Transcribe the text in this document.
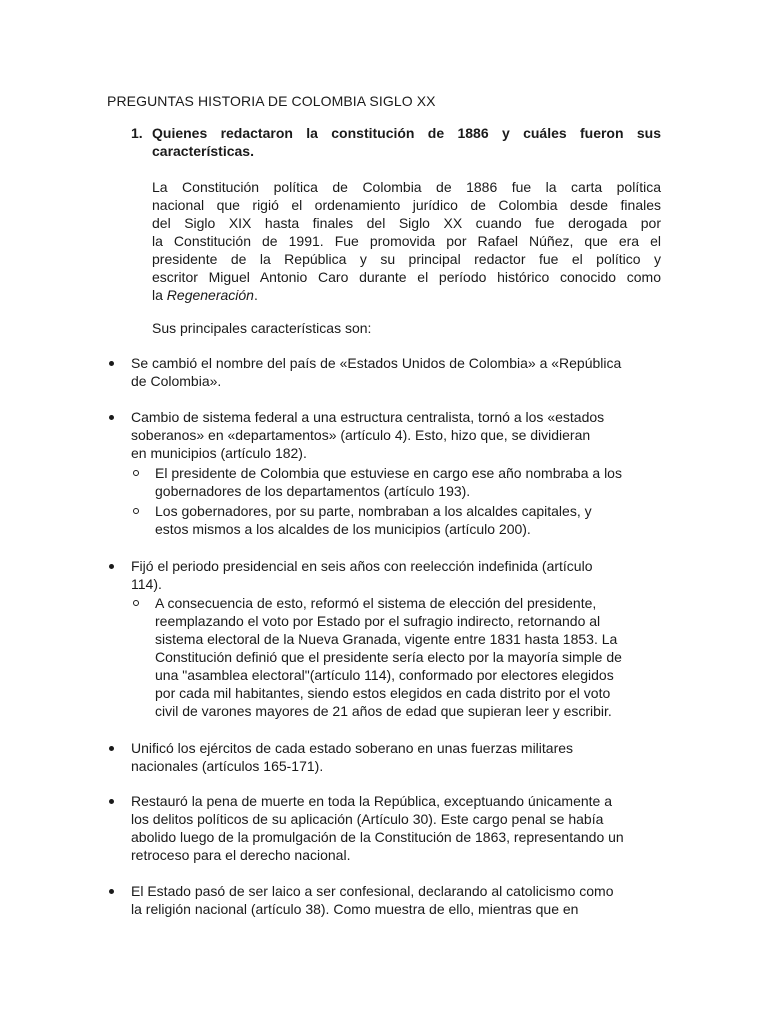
PREGUNTAS HISTORIA DE COLOMBIA SIGLO XX
1. Quienes redactaron la constitución de 1886 y cuáles fueron sus
características.
La Constitución política de Colombia de 1886 fue la carta política
nacional que rigió el ordenamiento jurídico de Colombia desde finales
del Siglo XIX hasta finales del Siglo XX cuando fue derogada por
la Constitución de 1991. Fue promovida por Rafael Núñez, que era el
presidente de la República y su principal redactor fue el político y
escritor Miguel Antonio Caro durante el período histórico conocido como
la Regeneración.
Sus principales características son:
Se cambió el nombre del país de «Estados Unidos de Colombia» a «República
de Colombia».
Cambio de sistema federal a una estructura centralista, tornó a los «estados
soberanos» en «departamentos» (artículo 4). Esto, hizo que, se dividieran
en municipios (artículo 182).
El presidente de Colombia que estuviese en cargo ese año nombraba a los
gobernadores de los departamentos (artículo 193).
Los gobernadores, por su parte, nombraban a los alcaldes capitales, y
estos mismos a los alcaldes de los municipios (artículo 200).
Fijó el periodo presidencial en seis años con reelección indefinida (artículo
114).
A consecuencia de esto, reformó el sistema de elección del presidente,
reemplazando el voto por Estado por el sufragio indirecto, retornando al
sistema electoral de la Nueva Granada, vigente entre 1831 hasta 1853. La
Constitución definió que el presidente sería electo por la mayoría simple de
una "asamblea electoral"(artículo 114), conformado por electores elegidos
por cada mil habitantes, siendo estos elegidos en cada distrito por el voto
civil de varones mayores de 21 años de edad que supieran leer y escribir.
Unificó los ejércitos de cada estado soberano en unas fuerzas militares
nacionales (artículos 165-171).
Restauró la pena de muerte en toda la República, exceptuando únicamente a
los delitos políticos de su aplicación (Artículo 30). Este cargo penal se había
abolido luego de la promulgación de la Constitución de 1863, representando un
retroceso para el derecho nacional.
El Estado pasó de ser laico a ser confesional, declarando al catolicismo como
la religión nacional (artículo 38). Como muestra de ello, mientras que en
